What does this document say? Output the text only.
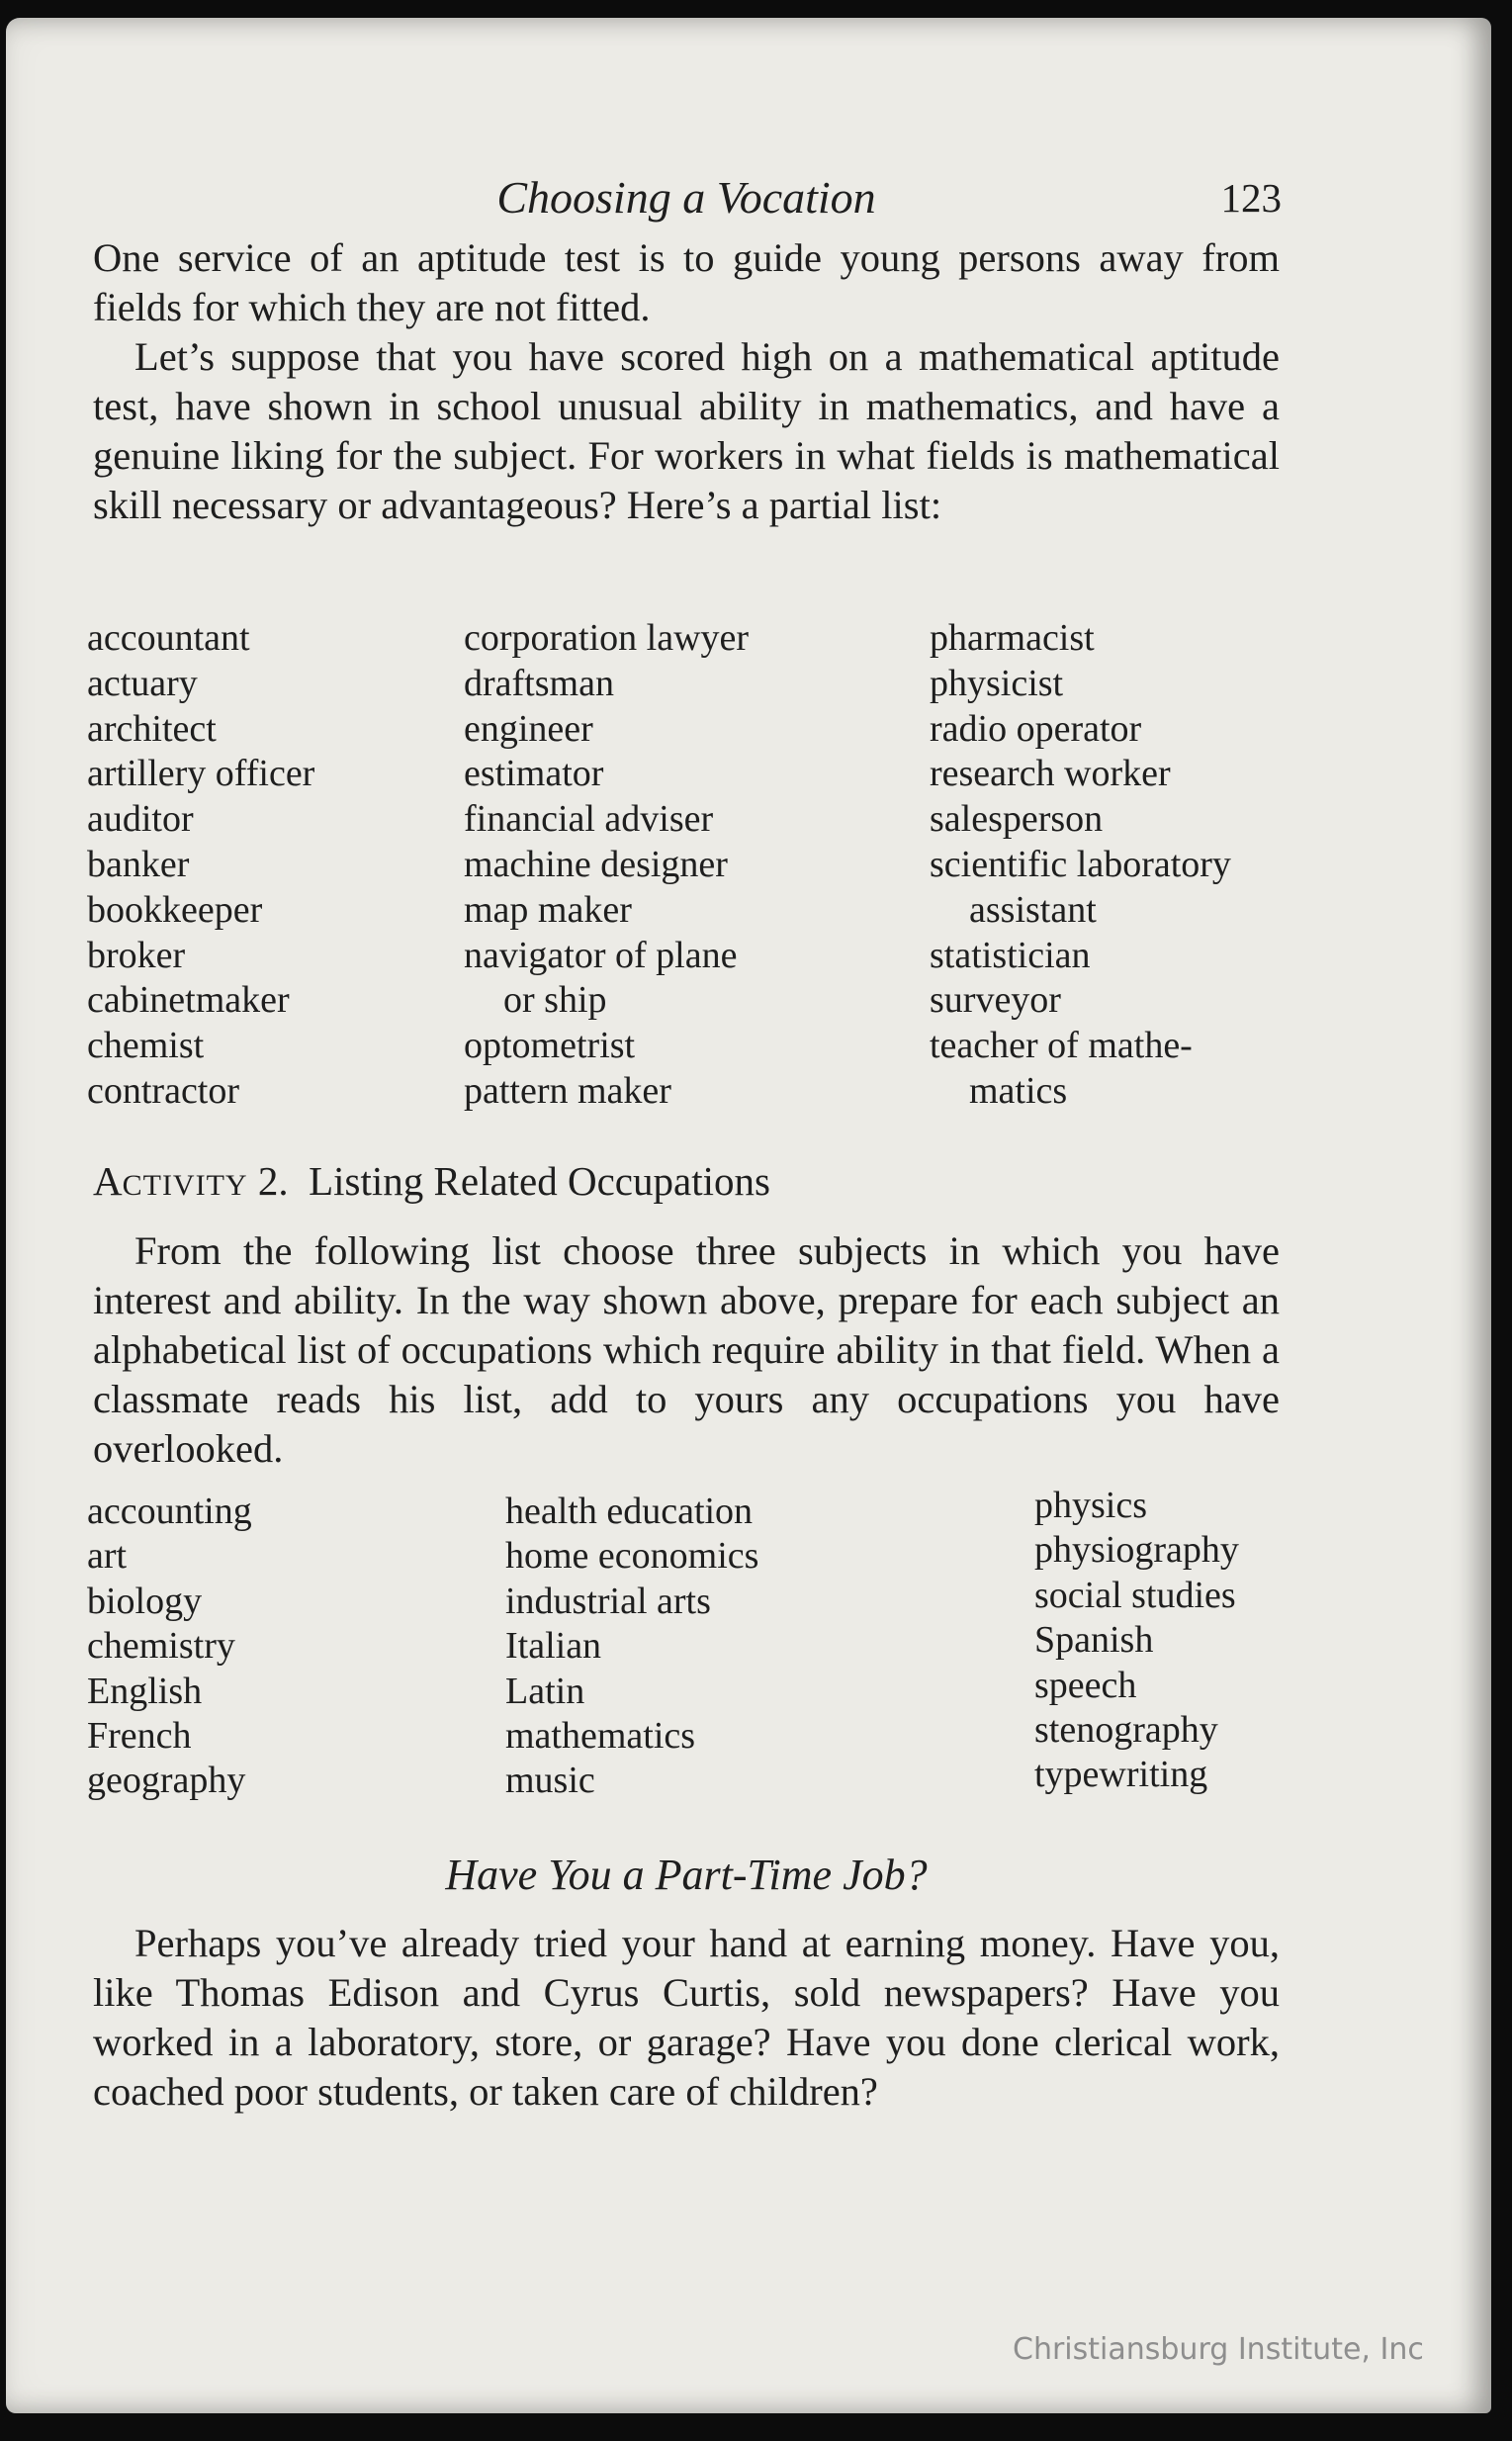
Choosing a Vocation	123

One service of an aptitude test is to guide young persons away from fields for which they are not fitted.

Let’s suppose that you have scored high on a mathematical aptitude test, have shown in school unusual ability in mathematics, and have a genuine liking for the subject. For workers in what fields is mathematical skill necessary or advantageous? Here’s a partial list:

accountant
actuary
architect
artillery officer
auditor
banker
bookkeeper
broker
cabinetmaker
chemist
contractor
corporation lawyer
draftsman
engineer
estimator
financial adviser
machine designer
map maker
navigator of plane
or ship
optometrist
pattern maker
pharmacist
physicist
radio operator
research worker
salesperson
scientific laboratory
assistant
statistician
surveyor
teacher of mathe-
matics
ACTIVITY 2. Listing Related Occupations

From the following list choose three subjects in which you have interest and ability. In the way shown above, prepare for each subject an alphabetical list of occupations which require ability in that field. When a classmate reads his list, add to yours any occupations you have overlooked.

accounting
art
biology
chemistry
English
French
geography
health education
home economics
industrial arts
Italian
Latin
mathematics
music
physics
physiography
social studies
Spanish
speech
stenography
typewriting
Have You a Part-Time Job?

Perhaps you’ve already tried your hand at earning money. Have you, like Thomas Edison and Cyrus Curtis, sold newspapers? Have you worked in a laboratory, store, or garage? Have you done clerical work, coached poor students, or taken care of children?

Christiansburg Institute, Inc
